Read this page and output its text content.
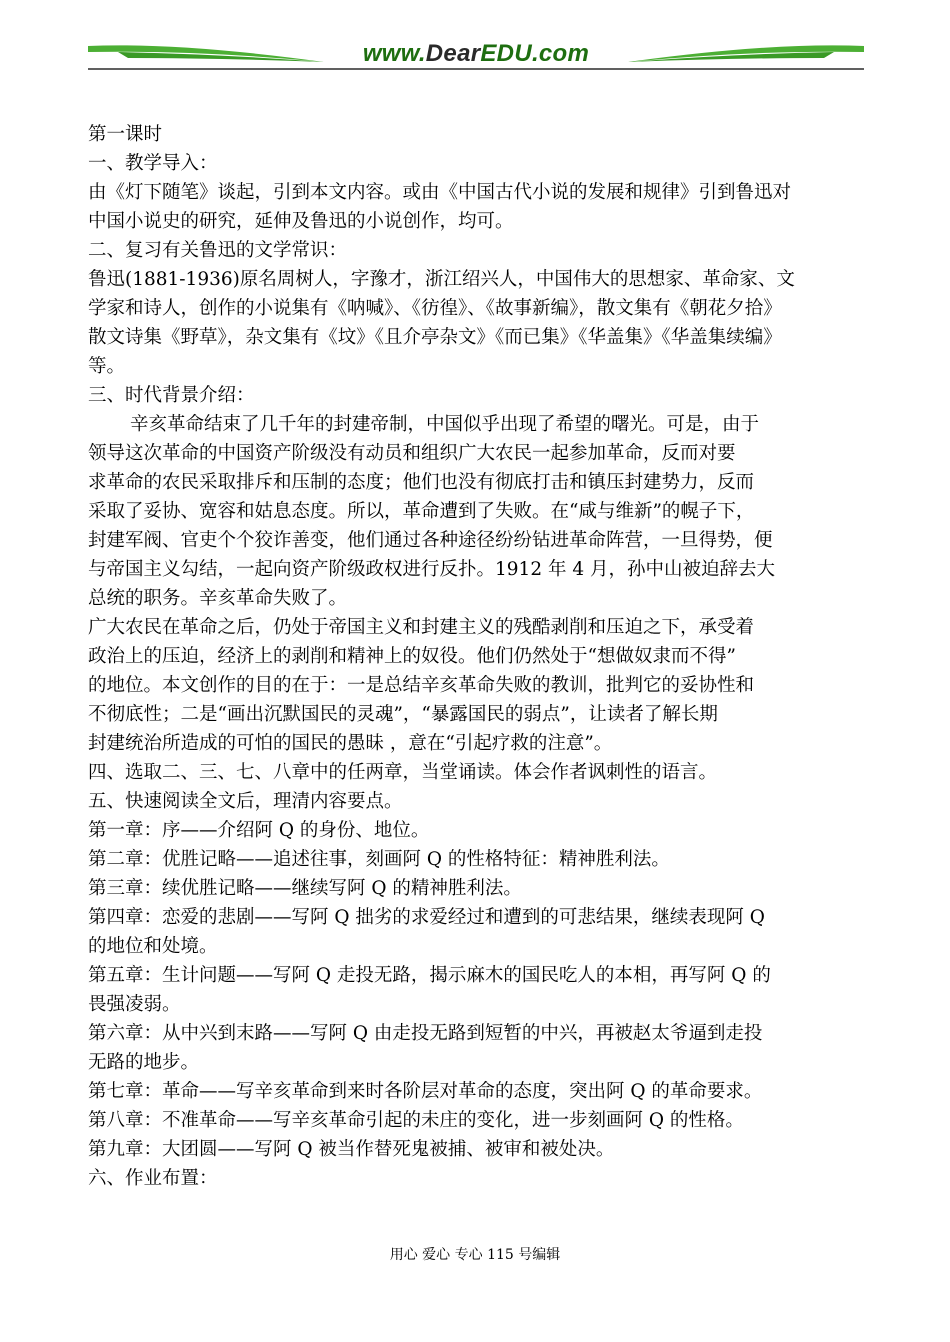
www.DearEDU.com
第一课时
一、教学导入：
由《灯下随笔》谈起，引到本文内容。或由《中国古代小说的发展和规律》引到鲁迅对
中国小说史的研究，延伸及鲁迅的小说创作，均可。
二、复习有关鲁迅的文学常识：
鲁迅(1881-1936)原名周树人，字豫才，浙江绍兴人，中国伟大的思想家、革命家、文
学家和诗人，创作的小说集有《呐喊》、《彷徨》、《故事新编》，散文集有《朝花夕拾》
散文诗集《野草》，杂文集有《坟》《且介亭杂文》《而已集》《华盖集》《华盖集续编》
等。
三、时代背景介绍：
辛亥革命结束了几千年的封建帝制，中国似乎出现了希望的曙光。可是，由于
领导这次革命的中国资产阶级没有动员和组织广大农民一起参加革命，反而对要
求革命的农民采取排斥和压制的态度；他们也没有彻底打击和镇压封建势力，反而
采取了妥协、宽容和姑息态度。所以，革命遭到了失败。在“咸与维新”的幌子下，
封建军阀、官吏个个狡诈善变，他们通过各种途径纷纷钻进革命阵营，一旦得势，便
与帝国主义勾结，一起向资产阶级政权进行反扑。1912 年 4 月，孙中山被迫辞去大
总统的职务。辛亥革命失败了。
广大农民在革命之后，仍处于帝国主义和封建主义的残酷剥削和压迫之下，承受着
政治上的压迫，经济上的剥削和精神上的奴役。他们仍然处于“想做奴隶而不得”
的地位。本文创作的目的在于：一是总结辛亥革命失败的教训，批判它的妥协性和
不彻底性；二是“画出沉默国民的灵魂”，“暴露国民的弱点”，让读者了解长期
封建统治所造成的可怕的国民的愚昧 ，意在“引起疗救的注意”。
四、选取二、三、七、八章中的任两章，当堂诵读。体会作者讽刺性的语言。
五、快速阅读全文后，理清内容要点。
第一章：序——介绍阿 Q 的身份、地位。
第二章：优胜记略——追述往事，刻画阿 Q 的性格特征：精神胜利法。
第三章：续优胜记略——继续写阿 Q 的精神胜利法。
第四章：恋爱的悲剧——写阿 Q 拙劣的求爱经过和遭到的可悲结果，继续表现阿 Q
的地位和处境。
第五章：生计问题——写阿 Q 走投无路，揭示麻木的国民吃人的本相，再写阿 Q 的
畏强凌弱。
第六章：从中兴到末路——写阿 Q 由走投无路到短暂的中兴，再被赵太爷逼到走投
无路的地步。
第七章：革命——写辛亥革命到来时各阶层对革命的态度，突出阿 Q 的革命要求。
第八章：不准革命——写辛亥革命引起的未庄的变化，进一步刻画阿 Q 的性格。
第九章：大团圆——写阿 Q 被当作替死鬼被捕、被审和被处决。
六、作业布置：
用心 爱心 专心 115 号编辑
